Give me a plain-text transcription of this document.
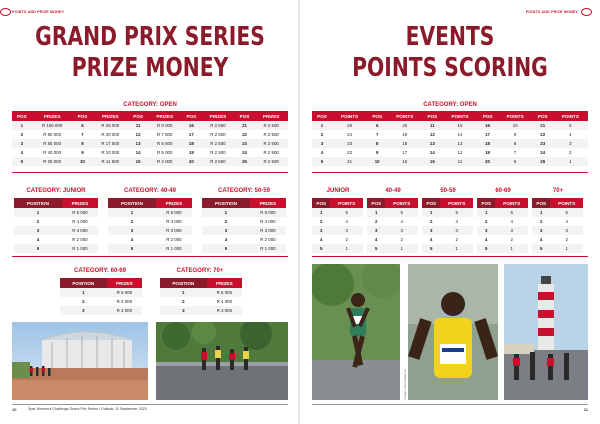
POINTS AND PRIZE MONEY
GRAND PRIX SERIES
PRIZE MONEY
CATEGORY: OPEN
POS	PRIZES	POS	PRIZES	POS	PRIZES	POS	PRIZES	POS	PRIZES
1	R 150 000	6	R 25 000	11	R 9 000	16	R 2 500	21	R 2 500
2	R 90 000	7	R 20 000	12	R 7 500	17	R 2 500	22	R 2 500
3	R 55 000	8	R 17 500	13	R 6 500	18	R 2 500	23	R 2 500
4	R 40 000	9	R 10 000	14	R 5 000	19	R 2 500	24	R 2 500
5	R 25 000	10	R 11 500	15	R 4 000	20	R 2 500	25	R 2 500
CATEGORY: JUNIOR
POSITION	PRIZES
1	R 6 000
2	R 4 000
3	R 3 000
4	R 2 000
5	R 1 000
CATEGORY: 40-49
POSITION	PRIZES
1	R 6 000
2	R 4 000
3	R 3 000
4	R 2 000
5	R 1 000
CATEGORY: 50-59
POSITION	PRIZES
1	R 6 000
2	R 4 000
3	R 3 000
4	R 2 000
5	R 1 000
CATEGORY: 60-69
POSITION	PRIZES
1	R 6 000
2	R 4 000
3	R 3 000
CATEGORY: 70+
POSITION	PRIZES
1	R 6 000
2	R 4 000
3	R 3 000
10	Spar Women's Challenge Grand Prix Series / Outlook, 11 September 2023
POINTS AND PRIZE MONEY
EVENTS
POINTS SCORING
CATEGORY: OPEN
POS	POINTS	POS	POINTS	POS	POINTS	POS	POINTS	POS	POINTS
1	25	6	20	11	15	16	10	21	5
2	24	7	19	12	14	17	9	22	4
3	23	8	18	13	13	18	8	23	3
4	22	9	17	14	12	19	7	24	2
5	21	10	16	15	11	20	6	25	1
JUNIOR
POS	POINTS
1	5
2	4
3	3
4	2
5	1
40-49
POS	POINTS
1	5
2	4
3	3
4	2
5	1
50-59
POS	POINTS
1	5
2	4
3	3
4	2
5	1
60-69
POS	POINTS
1	5
2	4
3	3
4	2
5	1
70+
POS	POINTS
1	5
2	4
3	3
4	2
5	1
Images: Reg Caldecott
11
